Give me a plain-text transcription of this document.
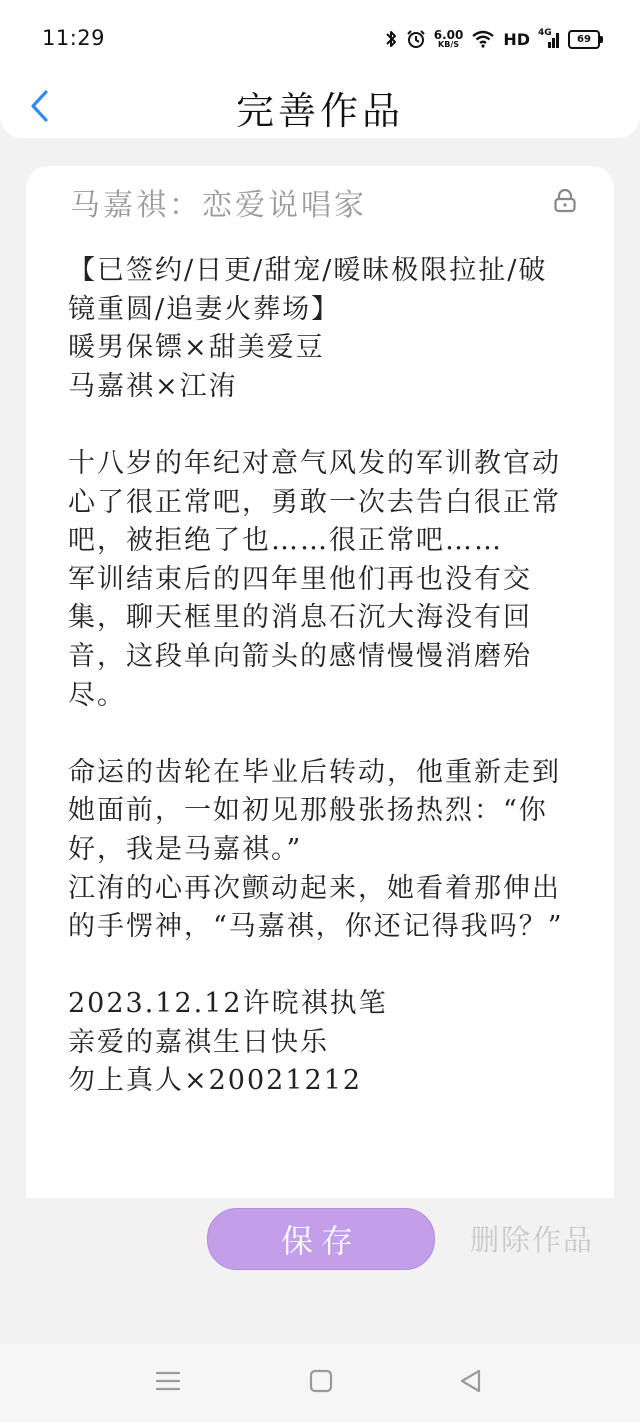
11:29	6.00
KB/S	HD 4G
69
完善作品
马嘉祺：恋爱说唱家

【已签约/日更/甜宠/暧昧极限拉扯/破镜重圆/追妻火葬场】
暖男保镖×甜美爱豆
马嘉祺×江洧

十八岁的年纪对意气风发的军训教官动心了很正常吧，勇敢一次去告白很正常吧，被拒绝了也……很正常吧……
军训结束后的四年里他们再也没有交集，聊天框里的消息石沉大海没有回音，这段单向箭头的感情慢慢消磨殆尽。

命运的齿轮在毕业后转动，他重新走到她面前，一如初见那般张扬热烈：“你好，我是马嘉祺。”
江洧的心再次颤动起来，她看着那伸出的手愣神，“马嘉祺，你还记得我吗？”

2023.12.12许晥祺执笔
亲爱的嘉祺生日快乐
勿上真人×20021212

保存	删除作品
